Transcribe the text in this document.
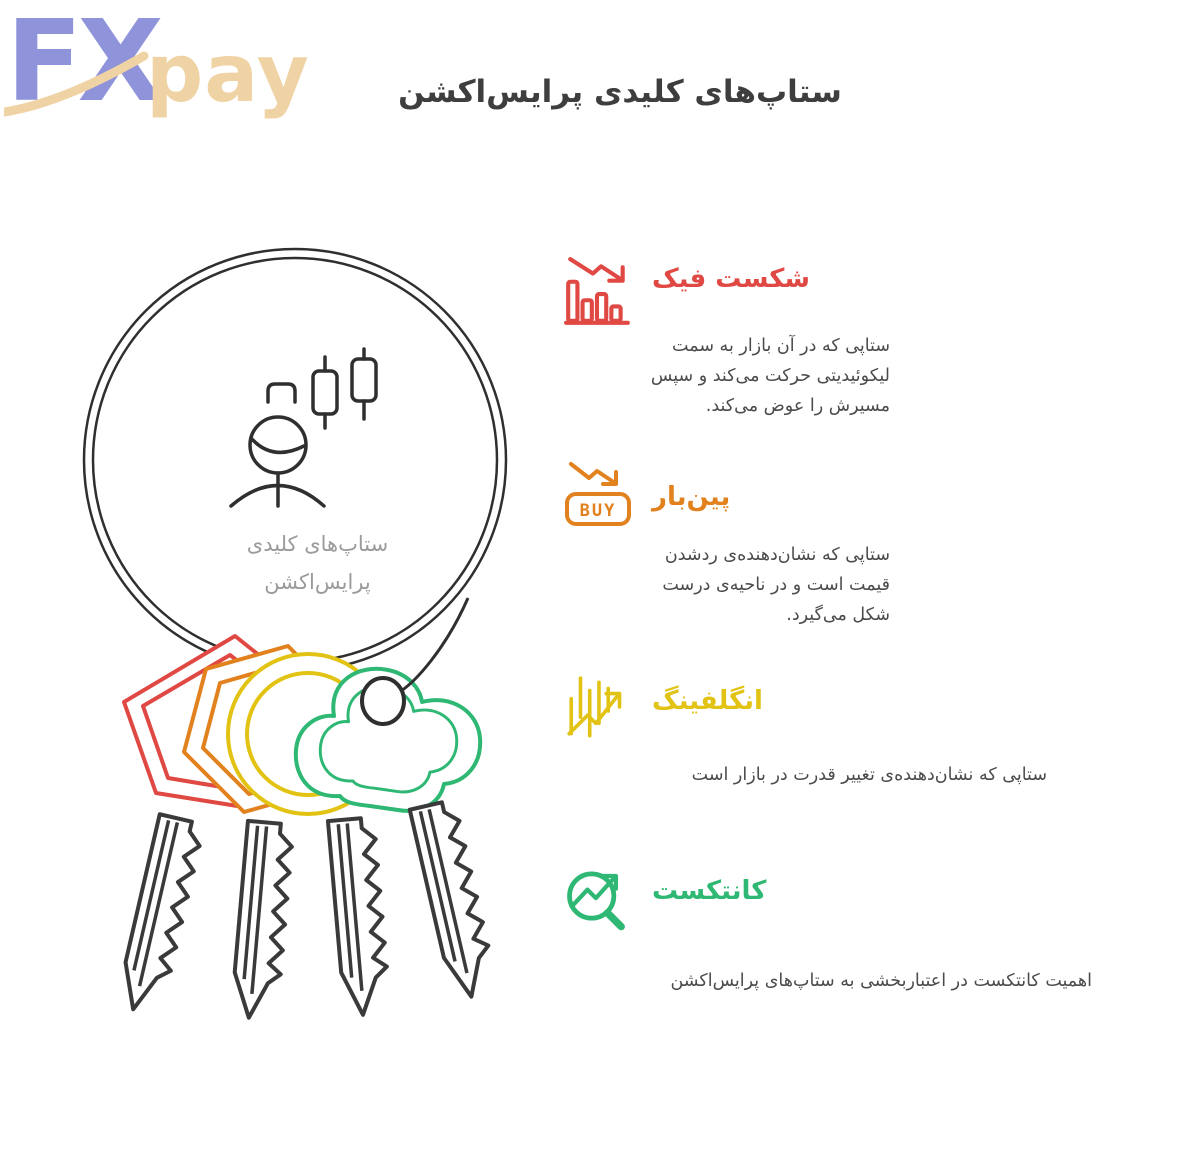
FX
pay	ستاپ‌های کلیدی پرایس‌اکشن
ستاپ‌های کلیدی
پرایس‌اکشن
شکست فیک
ستاپی که در آن بازار به سمت
لیکوئیدیتی حرکت می‌کند و سپس
مسیرش را عوض می‌کند.
BUY پین‌بار
ستاپی که نشان‌دهنده‌ی ردشدن
قیمت است و در ناحیه‌ی درست
شکل می‌گیرد.
انگلفینگ
ستاپی که نشان‌دهنده‌ی تغییر قدرت در بازار است
کانتکست
اهمیت کانتکست در اعتباربخشی به ستاپ‌های پرایس‌اکشن
